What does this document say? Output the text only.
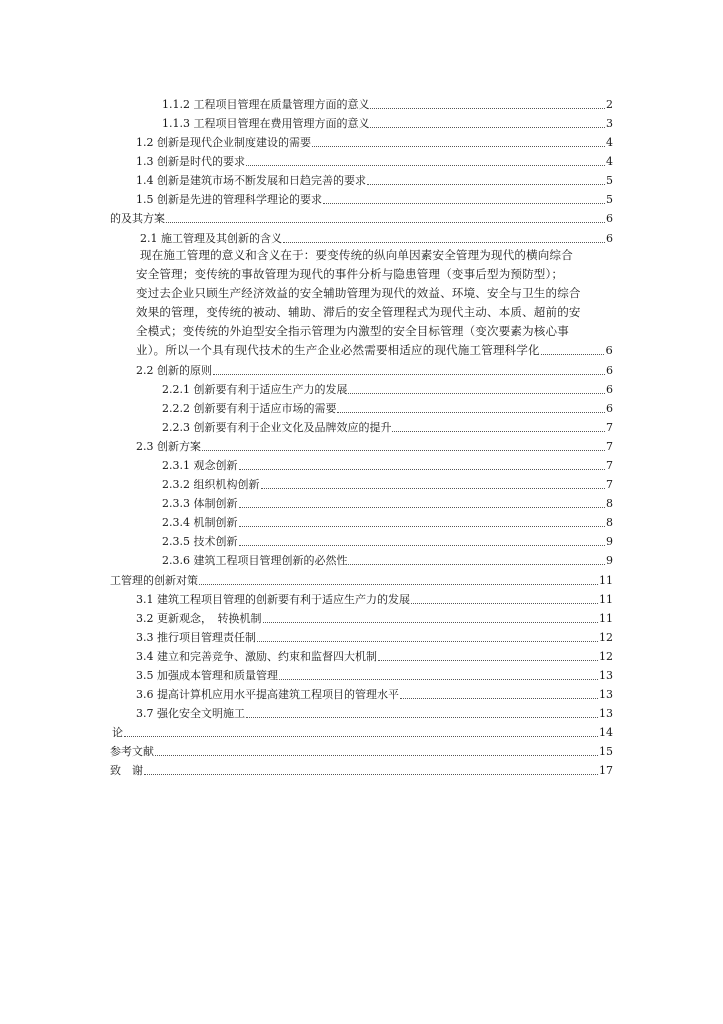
1.1.2 工程项目管理在质量管理方面的意义	2
1.1.3 工程项目管理在费用管理方面的意义	3
1.2 创新是现代企业制度建设的需要	4
1.3 创新是时代的要求	4
1.4 创新是建筑市场不断发展和日趋完善的要求	5
1.5 创新是先进的管理科学理论的要求	5
的及其方案	6
2.1 施工管理及其创新的含义	6
现在施工管理的意义和含义在于：要变传统的纵向单因素安全管理为现代的横向综合
安全管理；变传统的事故管理为现代的事件分析与隐患管理（变事后型为预防型）；
变过去企业只顾生产经济效益的安全辅助管理为现代的效益、环境、安全与卫生的综合
效果的管理，变传统的被动、辅助、滞后的安全管理程式为现代主动、本质、超前的安
全模式；变传统的外迫型安全指示管理为内激型的安全目标管理（变次要素为核心事
业）。所以一个具有现代技术的生产企业必然需要相适应的现代施工管理科学化	6
2.2 创新的原则	6
2.2.1 创新要有利于适应生产力的发展	6
2.2.2 创新要有利于适应市场的需要	6
2.2.3 创新要有利于企业文化及品牌效应的提升	7
2.3 创新方案	7
2.3.1 观念创新	7
2.3.2 组织机构创新	7
2.3.3 体制创新	8
2.3.4 机制创新	8
2.3.5 技术创新	9
2.3.6 建筑工程项目管理创新的必然性	9
工管理的创新对策	11
3.1 建筑工程项目管理的创新要有利于适应生产力的发展	11
3.2 更新观念，　转换机制	11
3.3 推行项目管理责任制	12
3.4 建立和完善竞争、激励、约束和监督四大机制	12
3.5 加强成本管理和质量管理	13
3.6 提高计算机应用水平提高建筑工程项目的管理水平	13
3.7 强化安全文明施工	13
论	14
参考文献	15
致　谢	17
